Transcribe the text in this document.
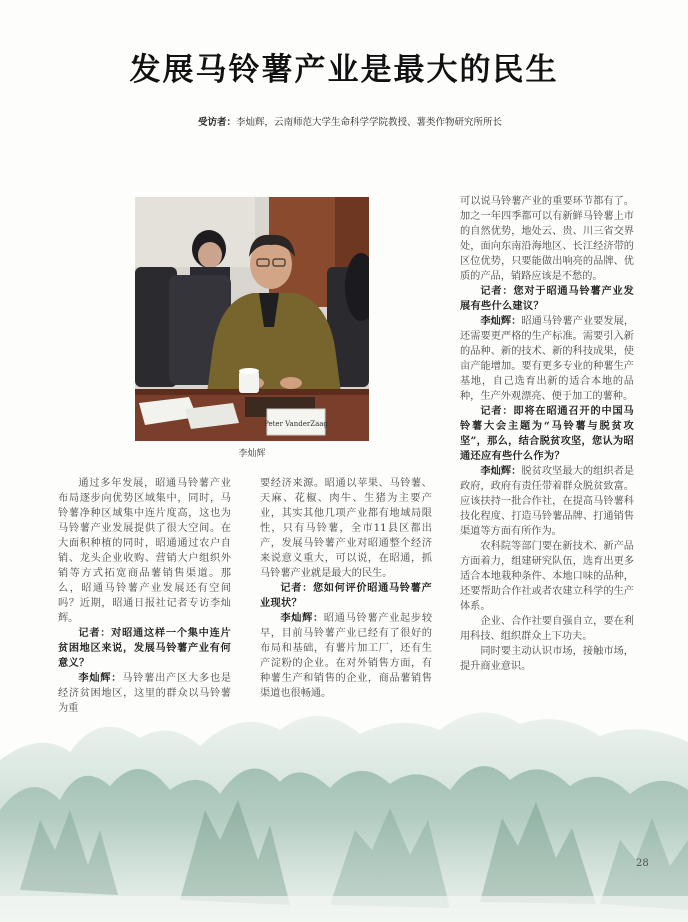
发展马铃薯产业是最大的民生
受访者：李灿辉，云南师范大学生命科学学院教授、薯类作物研究所所长
Peter VanderZaag
李灿辉

通过多年发展，昭通马铃薯产业布局逐步向优势区域集中，同时，马铃薯净种区域集中连片度高，这也为马铃薯产业发展提供了很大空间。在大面积种植的同时，昭通通过农户自销、龙头企业收购、营销大户组织外销等方式拓宽商品薯销售渠道。那么，昭通马铃薯产业发展还有空间吗？近期，昭通日报社记者专访李灿辉。

记者：对昭通这样一个集中连片贫困地区来说，发展马铃薯产业有何意义？

李灿辉：马铃薯出产区大多也是经济贫困地区，这里的群众以马铃薯为重

要经济来源。昭通以苹果、马铃薯、天麻、花椒、肉牛、生猪为主要产业，其实其他几项产业都有地域局限性，只有马铃薯，全市11县区都出产，发展马铃薯产业对昭通整个经济来说意义重大，可以说，在昭通，抓马铃薯产业就是最大的民生。

记者：您如何评价昭通马铃薯产业现状？

李灿辉：昭通马铃薯产业起步较早，目前马铃薯产业已经有了很好的布局和基础，有薯片加工厂，还有生产淀粉的企业。在对外销售方面，有种薯生产和销售的企业，商品薯销售渠道也很畅通。

可以说马铃薯产业的重要环节都有了。加之一年四季都可以有新鲜马铃薯上市的自然优势，地处云、贵、川三省交界处，面向东南沿海地区、长江经济带的区位优势，只要能做出响亮的品牌、优质的产品，销路应该是不愁的。

记者：您对于昭通马铃薯产业发展有些什么建议？

李灿辉：昭通马铃薯产业要发展，还需要更严格的生产标准。需要引入新的品种、新的技术、新的科技成果，使亩产能增加。要有更多专业的种薯生产基地，自己选育出新的适合本地的品种，生产外观漂亮、便于加工的薯种。

记者：即将在昭通召开的中国马铃薯大会主题为“马铃薯与脱贫攻坚”，那么，结合脱贫攻坚，您认为昭通还应有些什么作为？

李灿辉：脱贫攻坚最大的组织者是政府，政府有责任带着群众脱贫致富。应该扶持一批合作社，在提高马铃薯科技化程度、打造马铃薯品牌、打通销售渠道等方面有所作为。

农科院等部门要在新技术、新产品方面着力，组建研究队伍，选育出更多适合本地栽种条件、本地口味的品种，还要帮助合作社或者农建立科学的生产体系。

企业、合作社要自强自立，要在利用科技、组织群众上下功夫。

同时要主动认识市场，接触市场，提升商业意识。

28
